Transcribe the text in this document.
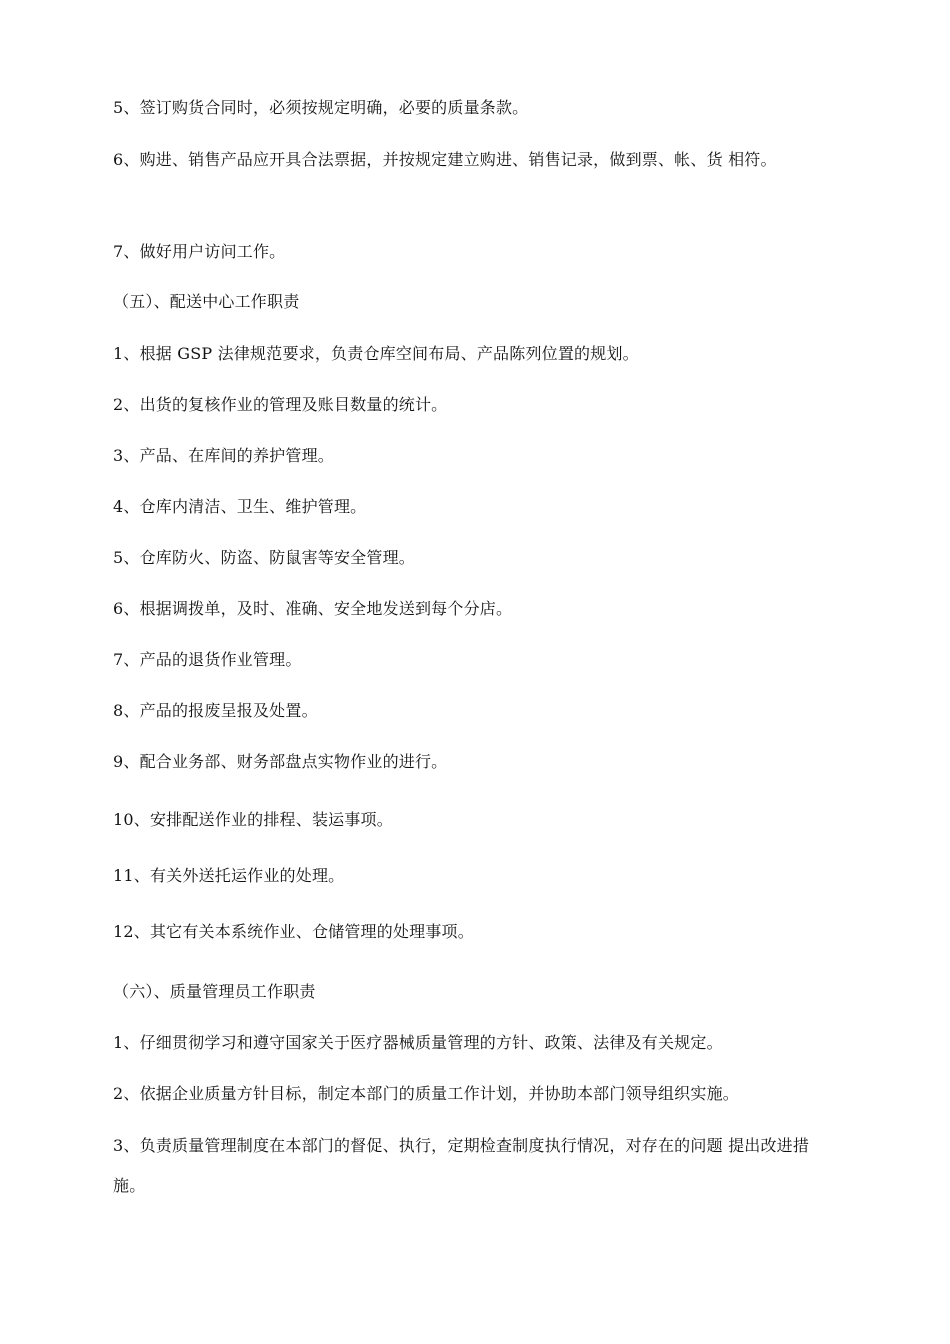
5、签订购货合同时，必须按规定明确，必要的质量条款。
6、购进、销售产品应开具合法票据，并按规定建立购进、销售记录，做到票、帐、货 相符。
7、做好用户访问工作。
（五）、配送中心工作职责
1、根据 GSP 法律规范要求，负责仓库空间布局、产品陈列位置的规划。
2、出货的复核作业的管理及账目数量的统计。
3、产品、在库间的养护管理。
4、仓库内清洁、卫生、维护管理。
5、仓库防火、防盗、防鼠害等安全管理。
6、根据调拨单，及时、准确、安全地发送到每个分店。
7、产品的退货作业管理。
8、产品的报废呈报及处置。
9、配合业务部、财务部盘点实物作业的进行。
10、安排配送作业的排程、装运事项。
11、有关外送托运作业的处理。
12、其它有关本系统作业、仓储管理的处理事项。
（六）、质量管理员工作职责
1、仔细贯彻学习和遵守国家关于医疗器械质量管理的方针、政策、法律及有关规定。
2、依据企业质量方针目标，制定本部门的质量工作计划，并协助本部门领导组织实施。
3、负责质量管理制度在本部门的督促、执行，定期检查制度执行情况，对存在的问题 提出改进措施。
